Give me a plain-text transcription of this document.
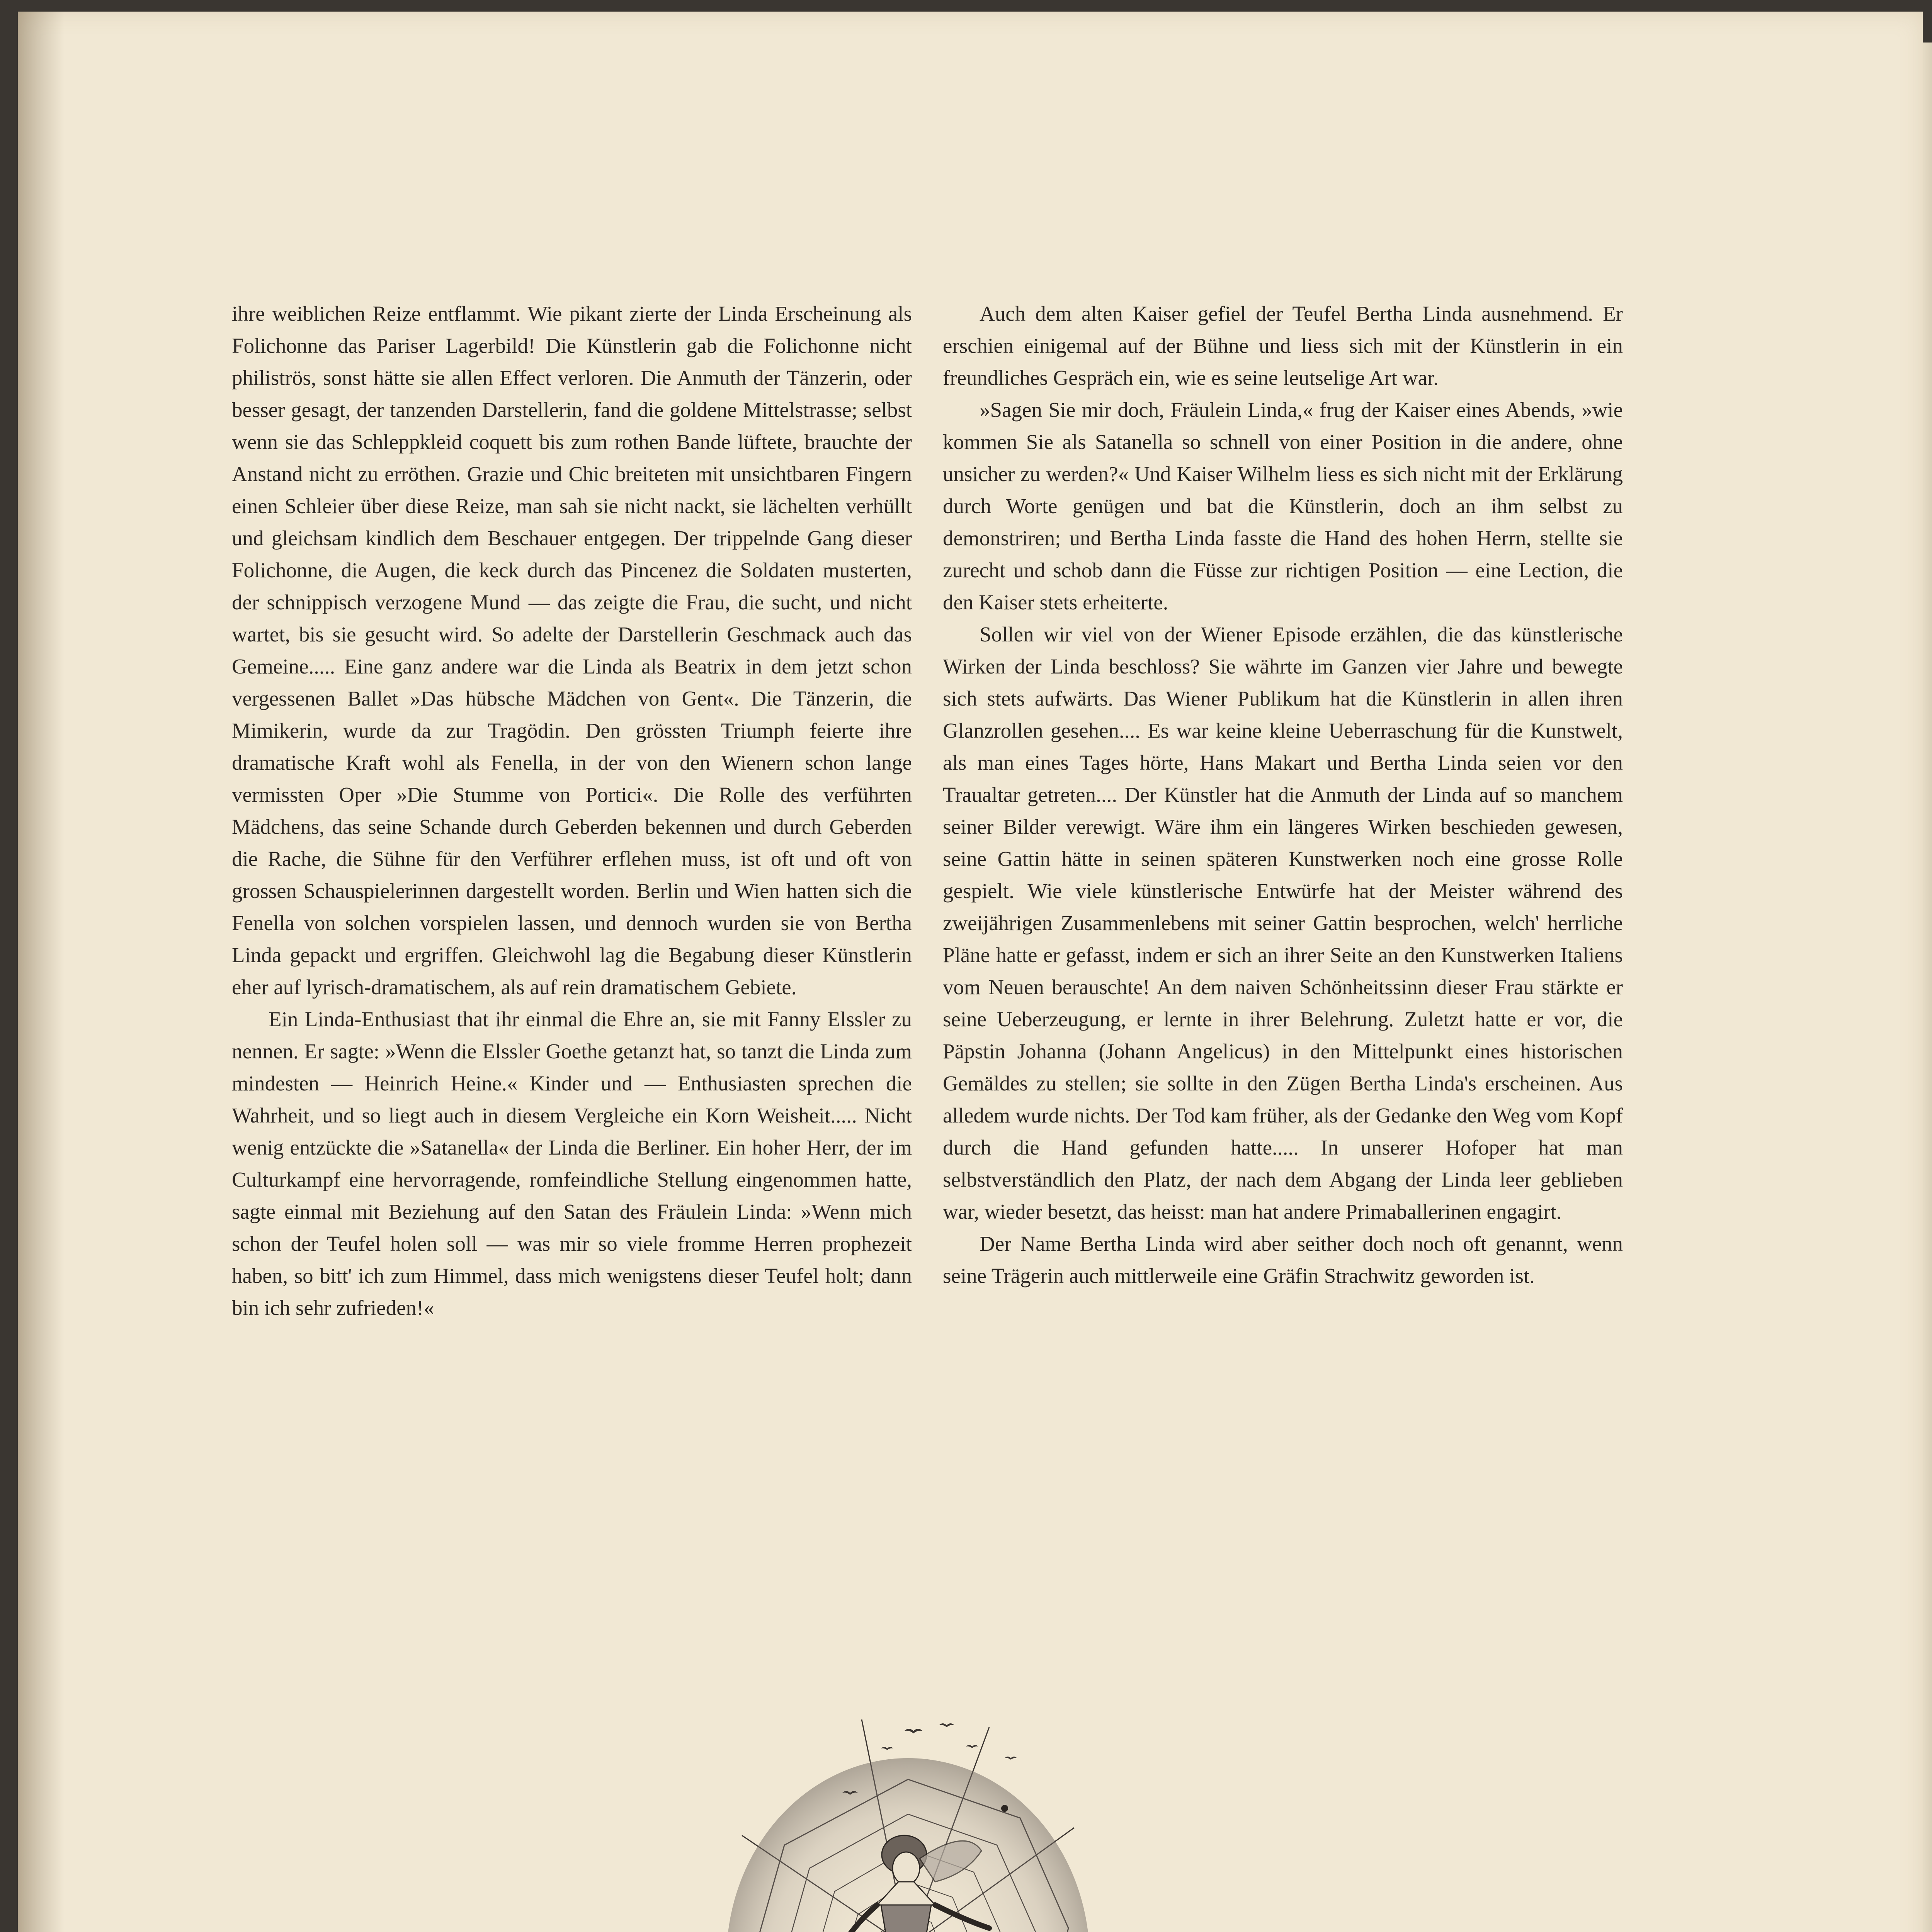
ihre weiblichen Reize entflammt. Wie pikant zierte der Linda Erscheinung als Folichonne das Pariser Lagerbild! Die Künstlerin gab die Folichonne nicht philiströs, sonst hätte sie allen Effect verloren. Die Anmuth der Tänzerin, oder besser gesagt, der tanzenden Darstellerin, fand die goldene Mittelstrasse; selbst wenn sie das Schleppkleid coquett bis zum rothen Bande lüftete, brauchte der Anstand nicht zu erröthen. Grazie und Chic breiteten mit unsichtbaren Fingern einen Schleier über diese Reize, man sah sie nicht nackt, sie lächelten verhüllt und gleichsam kindlich dem Beschauer entgegen. Der trippelnde Gang dieser Folichonne, die Augen, die keck durch das Pincenez die Soldaten musterten, der schnippisch verzogene Mund — das zeigte die Frau, die sucht, und nicht wartet, bis sie gesucht wird. So adelte der Darstellerin Geschmack auch das Gemeine..... Eine ganz andere war die Linda als Beatrix in dem jetzt schon vergessenen Ballet »Das hübsche Mädchen von Gent«. Die Tänzerin, die Mimikerin, wurde da zur Tragödin. Den grössten Triumph feierte ihre dramatische Kraft wohl als Fenella, in der von den Wienern schon lange vermissten Oper »Die Stumme von Portici«. Die Rolle des verführten Mädchens, das seine Schande durch Geberden bekennen und durch Geberden die Rache, die Sühne für den Verführer erflehen muss, ist oft und oft von grossen Schauspielerinnen dargestellt worden. Berlin und Wien hatten sich die Fenella von solchen vorspielen lassen, und dennoch wurden sie von Bertha Linda gepackt und ergriffen. Gleichwohl lag die Begabung dieser Künstlerin eher auf lyrisch-dramatischem, als auf rein dramatischem Gebiete.

Ein Linda-Enthusiast that ihr einmal die Ehre an, sie mit Fanny Elssler zu nennen. Er sagte: »Wenn die Elssler Goethe getanzt hat, so tanzt die Linda zum mindesten — Heinrich Heine.« Kinder und — Enthusiasten sprechen die Wahrheit, und so liegt auch in diesem Vergleiche ein Korn Weisheit..... Nicht wenig entzückte die »Satanella« der Linda die Berliner. Ein hoher Herr, der im Culturkampf eine hervorragende, romfeindliche Stellung eingenommen hatte, sagte einmal mit Beziehung auf den Satan des Fräulein Linda: »Wenn mich schon der Teufel holen soll — was mir so viele fromme Herren prophezeit haben, so bitt' ich zum Himmel, dass mich wenigstens dieser Teufel holt; dann bin ich sehr zufrieden!«

Auch dem alten Kaiser gefiel der Teufel Bertha Linda ausnehmend. Er erschien einigemal auf der Bühne und liess sich mit der Künstlerin in ein freundliches Gespräch ein, wie es seine leutselige Art war.

»Sagen Sie mir doch, Fräulein Linda,« frug der Kaiser eines Abends, »wie kommen Sie als Satanella so schnell von einer Position in die andere, ohne unsicher zu werden?« Und Kaiser Wilhelm liess es sich nicht mit der Erklärung durch Worte genügen und bat die Künstlerin, doch an ihm selbst zu demonstriren; und Bertha Linda fasste die Hand des hohen Herrn, stellte sie zurecht und schob dann die Füsse zur richtigen Position — eine Lection, die den Kaiser stets erheiterte.

Sollen wir viel von der Wiener Episode erzählen, die das künstlerische Wirken der Linda beschloss? Sie währte im Ganzen vier Jahre und bewegte sich stets aufwärts. Das Wiener Publikum hat die Künstlerin in allen ihren Glanzrollen gesehen.... Es war keine kleine Ueberraschung für die Kunstwelt, als man eines Tages hörte, Hans Makart und Bertha Linda seien vor den Traualtar getreten.... Der Künstler hat die Anmuth der Linda auf so manchem seiner Bilder verewigt. Wäre ihm ein längeres Wirken beschieden gewesen, seine Gattin hätte in seinen späteren Kunstwerken noch eine grosse Rolle gespielt. Wie viele künstlerische Entwürfe hat der Meister während des zweijährigen Zusammenlebens mit seiner Gattin besprochen, welch' herrliche Pläne hatte er gefasst, indem er sich an ihrer Seite an den Kunstwerken Italiens vom Neuen berauschte! An dem naiven Schönheitssinn dieser Frau stärkte er seine Ueberzeugung, er lernte in ihrer Belehrung. Zuletzt hatte er vor, die Päpstin Johanna (Johann Angelicus) in den Mittelpunkt eines historischen Gemäldes zu stellen; sie sollte in den Zügen Bertha Linda's erscheinen. Aus alledem wurde nichts. Der Tod kam früher, als der Gedanke den Weg vom Kopf durch die Hand gefunden hatte..... In unserer Hofoper hat man selbstverständlich den Platz, der nach dem Abgang der Linda leer geblieben war, wieder besetzt, das heisst: man hat andere Primaballerinen engagirt.

Der Name Bertha Linda wird aber seither doch noch oft genannt, wenn seine Trägerin auch mittlerweile eine Gräfin Strachwitz geworden ist.
